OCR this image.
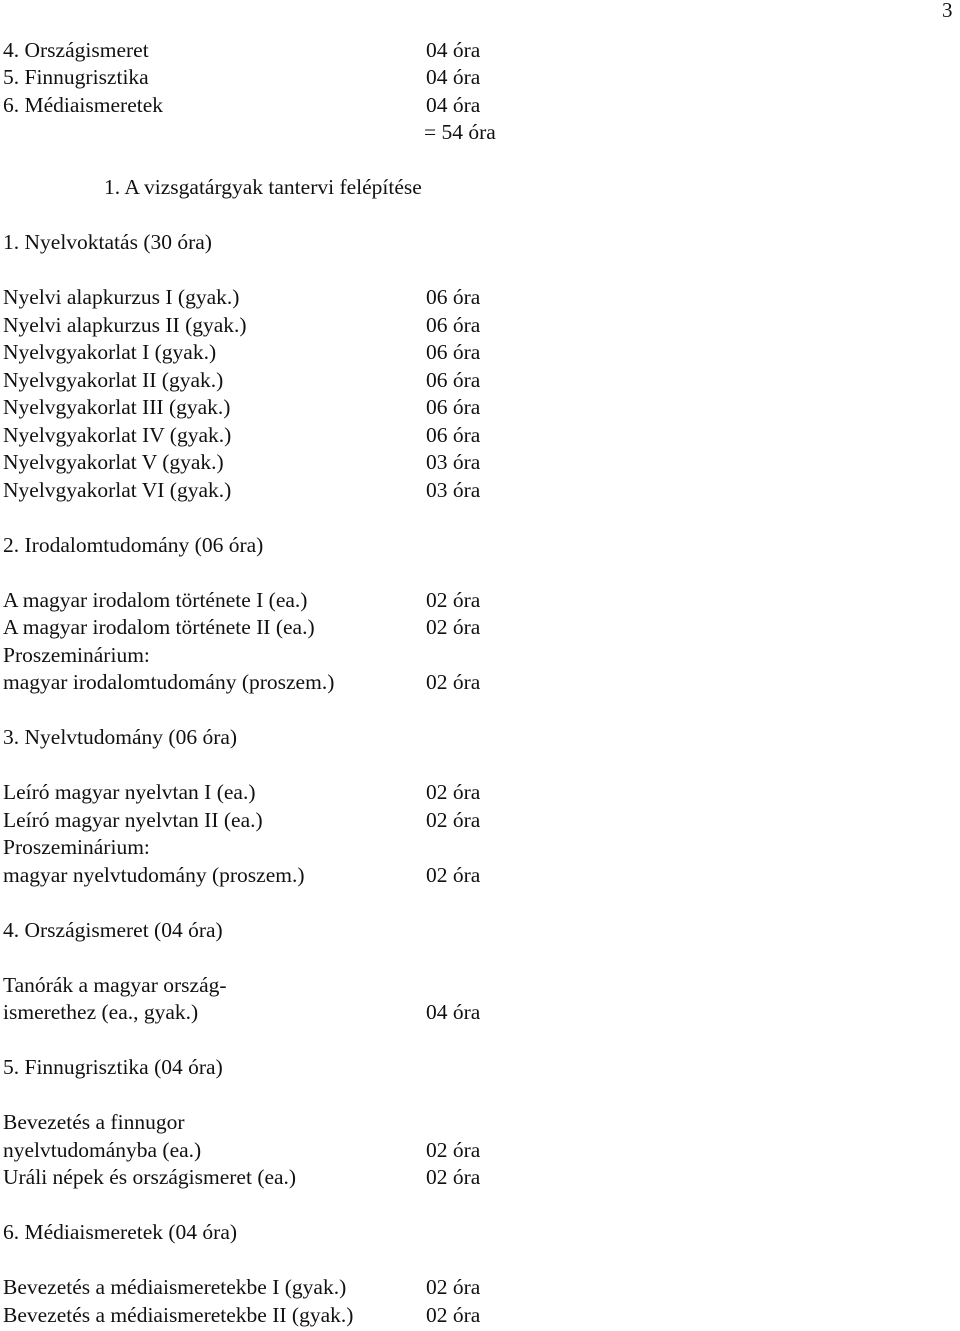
3
4. Országismeret	04 óra
5. Finnugrisztika	04 óra
6. Médiaismeretek	04 óra
= 54 óra
1. A vizsgatárgyak tantervi felépítése
1. Nyelvoktatás (30 óra)
Nyelvi alapkurzus I (gyak.)	06 óra
Nyelvi alapkurzus II (gyak.)	06 óra
Nyelvgyakorlat I (gyak.)	06 óra
Nyelvgyakorlat II (gyak.)	06 óra
Nyelvgyakorlat III (gyak.)	06 óra
Nyelvgyakorlat IV (gyak.)	06 óra
Nyelvgyakorlat V (gyak.)	03 óra
Nyelvgyakorlat VI (gyak.)	03 óra
2. Irodalomtudomány (06 óra)
A magyar irodalom története I (ea.)	02 óra
A magyar irodalom története II (ea.)	02 óra
Proszeminárium:
magyar irodalomtudomány (proszem.)	02 óra
3. Nyelvtudomány (06 óra)
Leíró magyar nyelvtan I (ea.)	02 óra
Leíró magyar nyelvtan II (ea.)	02 óra
Proszeminárium:
magyar nyelvtudomány (proszem.)	02 óra
4. Országismeret (04 óra)
Tanórák a magyar ország-
ismerethez (ea., gyak.)	04 óra
5. Finnugrisztika (04 óra)
Bevezetés a finnugor
nyelvtudományba (ea.)	02 óra
Uráli népek és országismeret (ea.)	02 óra
6. Médiaismeretek (04 óra)
Bevezetés a médiaismeretekbe I (gyak.)	02 óra
Bevezetés a médiaismeretekbe II (gyak.)	02 óra
